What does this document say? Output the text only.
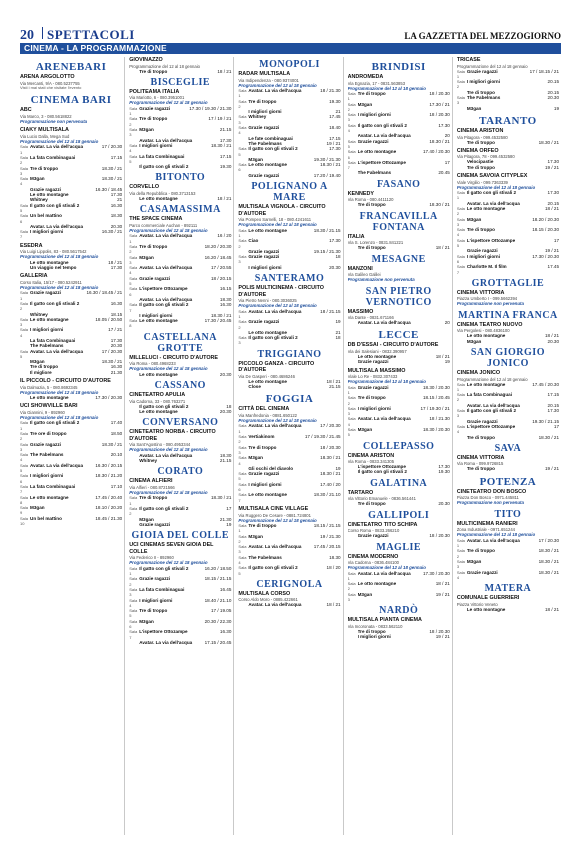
20 SPETTACOLI	LA GAZZETTA DEL MEZZOGIORNO
CINEMA - LA PROGRAMMAZIONE
ARENEBARI
ARENA ARGOLOTTO
Via Mercanti, 9/A - 080.5237755
Visti i mai stati che visitate l'evento
CINEMA BARI
ABC
Via Marco, 3 - 080.5618822
Programmazione non pervenuta
CIAKY MULTISALA
Via Lucio Dalla, Mega Sud
Programmazione del 12 al 18 gennaio
Sala 1
Avatar. La via dell'acqua	17 / 20.30
Sala 2
La fata Combinaguai	17.15
Sala 3
Tre di troppo	18.30 / 21
Sala 4
M3gan	18.30 / 21
Grazie ragazzi	16.30 / 18.45
Le otto montagne	17.30
Whitney	21
Sala 5
Il gatto con gli stivali 2	16.30
Sala 6
Un bel mattino	18.30
Avatar. La via dell'acqua	20.30
Sala 7
I migliori giorni	16.30 / 21
ESEDRA
Via Luigi Lippolis, 83 - 080.5617542
Programmazione del 12 al 18 gennaio
Le otto montagne	18 / 21
Un viaggio nel tempo	17.30
GALLERIA
Corso Italia, 15/17 - 080.5242911
Programmazione del 12 al 18 gennaio
Sala 1
Grazie ragazzi	16.30 / 18.45 / 21
Sala 2
Il gatto con gli stivali 2	16.30
Whitney	18.15
Sala 3
Le otto montagne	18.05 / 20.50
Sala 4
I migliori giorni	17 / 21
La fata Combinaguai	17.30
The Fabelmans	20.30
Sala 5
Avatar. La via dell'acqua	17 / 20.30
M3gan	18.30 / 21
Tre di troppo	16.30
Il migliore	21.30
IL PICCOLO - CIRCUITO D'AUTORE
Via Dalmazia, 5 - 080.8692345
Programmazione del 12 al 18 gennaio
Le otto montagne	17.30 / 20.30
UCI SHOWVILLE BARI
Via Giannini, 9 - 892960
Programmazione del 12 al 18 gennaio
Sala 1
Il gatto con gli stivali 2	17.40
Sala 2
Tre ore di troppo	18.50
Sala 3
Grazie ragazzi	18.30 / 21
Sala 4
The Fabelmans	20.10
Sala 5
Avatar. La via dell'acqua	16.30 / 20.15
Sala 6
I migliori giorni	18.30 / 21.20
Sala 7
La fata Combinaguai	17.10
Sala 8
Le otto montagne	17.45 / 20.40
Sala 9
M3gan	18.10 / 20.20
Sala 10
Un bel mattino	18.45 / 21.30
GIOVINAZZO
Programmazione del 12 al 18 gennaio
Tre di troppo	18 / 21
BISCEGLIE
POLITEAMA ITALIA
Via Mariotto, 6 - 080.3951001
Programmazione del 12 al 18 gennaio
Sala 1
Grazie ragazzi	17.30 / 19.30 / 21.30
Sala 2
Tre di troppo	17 / 19 / 21
Sala 3
M3gan	21.15
Avatar. La via dell'acqua	17.30
Sala 4
I migliori giorni	18.30 / 21
Sala 5
La fata Combinaguai	17.15
Il gatto con gli stivali 2	19.30
BITONTO
CORVELLO
Via della Repubblica - 080.3713153
Le otto montagne	18 / 21
CASAMASSIMA
THE SPACE CINEMA
Parco commerciale Auchan - 892111
Programmazione del 12 al 18 gennaio
Sala 1
Avatar. La via dell'acqua	16 / 20
Sala 2
Tre di troppo	18.20 / 20.30
Sala 3
M3gan	16.20 / 18.45
Sala 4
Avatar. La via dell'acqua	17 / 20.55
Sala 5
Grazie ragazzi	18 / 20.15
Sala 6
L'ispettore Ottozampe	16.15
Avatar. La via dell'acqua	18.30
Sala 7
Il gatto con gli stivali 2	16.30
I migliori giorni	18.30 / 21
Sala 8
Le otto montagne	17.30 / 20.45
CASTELLANA GROTTE
MILLELUCI - CIRCUITO D'AUTORE
Via Roma - 080.4968233
Programmazione del 12 al 18 gennaio
Le otto montagne	20.30
CASSANO
CINETEATRO APULIA
Via Cadorna, 33 - 080.763271
Il gatto con gli stivali 2	18
Le otto montagne	20.30
CONVERSANO
CINETEATRO NORBA - CIRCUITO D'AUTORE
Via Sant'Agostino - 080.4953344
Programmazione del 12 al 18 gennaio
Avatar. La via dell'acqua	18.30
Whitney	21.15
CORATO
CINEMA ALFIERI
Via Alfieri - 080.8721566
Programmazione del 12 al 18 gennaio
Sala 1
Tre di troppo	18.30 / 21
Sala 2
Il gatto con gli stivali 2	17
M3gan	21.30
Grazie ragazzi	19
GIOIA DEL COLLE
UCI CINEMAS SEVEN GIOIA DEL COLLE
Via Federico II - 892960
Programmazione del 12 al 18 gennaio
Sala 1
Il gatto con gli stivali 2	16.20 / 18.50
Sala 2
Grazie ragazzi	18.15 / 21.15
Sala 3
La fata Combinaguai	16.45
Sala 4
I migliori giorni	18.40 / 21.10
Sala 5
Tre di troppo	17 / 19.05
Sala 6
M3gan	20.30 / 22.30
Sala 7
L'ispettore Ottozampe	16.30
Avatar. La via dell'acqua	17.15 / 20.45
MONOPOLI
RADAR MULTISALA
Via Indipendenza - 080.9374001
Programmazione del 12 al 18 gennaio
Sala 1
Avatar. La via dell'acqua	18 / 21.30
Sala 2
Tre di troppo	19.30
I migliori giorni	21
Sala 3
Whitney	17.45
Sala 4
Grazie ragazzi	18.40
Le fate combinaguai	17.15
The Fabelmans	19 / 21
Sala 5
Il gatto con gli stivali 2	17.30
M3gan	19.30 / 21.30
Sala 6
Le otto montagne	18.30 / 21
Grazie ragazzi	17.20 / 19.40
POLIGNANO A MARE
MULTISALA VIGNOLA - CIRCUITO D'AUTORE
Via Pompeo Sarnelli, 18 - 080.4241611
Programmazione del 12 al 18 gennaio
Sala 1
Le otto montagne	18.30 / 21.15
Sala 2
Ciao	17.30
Grazie ragazzi	19.15 / 21.30
Sala 3
Grazie ragazzi	18
I migliori giorni	20.30
SANTERAMO
POLIS MULTICINEMA - CIRCUITO D'AUTORE
Via Pietro Nenni - 080.3036025
Programmazione del 12 al 18 gennaio
Sala 1
Avatar. La via dell'acqua	18 / 21.15
Sala 2
Grazie ragazzi	19
Le otto montagne	21
Sala 3
Il gatto con gli stivali 2	18
TRIGGIANO
PICCOLO GANZA - CIRCUITO D'AUTORE
Via De Gasperi - 080.4686246
Le otto montagne	18 / 21
Close	21.15
FOGGIA
CITTÀ DEL CINEMA
Via Manfredonia - 0881.650122
Programmazione del 12 al 18 gennaio
Sala 1
Avatar. La via dell'acqua	17 / 20.30
Sala 2
Vertiakinom	17 / 19.30 / 21.45
Sala 3
Tre di troppo	18 / 20.30
Sala 4
M3gan	18.30 / 21
Gli occhi del diavolo	19
Sala 5
Grazie ragazzi	18.30 / 21
Sala 6
I migliori giorni	17.40 / 20
Sala 7
Le otto montagne	18.30 / 21.10
MULTISALA CINE VILLAGE
Via Ruggero De Cesare - 0881.724801
Programmazione del 12 al 18 gennaio
Sala 1
Tre di troppo	18.15 / 21.15
Sala 2
M3gan	19 / 21.30
Sala 3
Avatar. La via dell'acqua	17.45 / 20.15
Sala 4
The Fabelmans	18.30
Sala 5
Il gatto con gli stivali 2	18 / 20
CERIGNOLA
MULTISALA CORSO
Corso Aldo Moro - 0885.422661
Avatar. La via dell'acqua	18 / 21
BRINDISI
ANDROMEDA
Via Egnazia, 17 - 0831.563853
Programmazione del 12 al 18 gennaio
Sala 1
Tre di troppo	18 / 20.30
Sala 2
M3gan	17.30 / 21
Sala 3
I migliori giorni	18 / 20.30
Sala 4
Il gatto con gli stivali 2	17.30
Avatar. La via dell'acqua	20
Sala 5
Grazie ragazzi	18.30 / 21
Sala 6
Le otto montagne	17.40 / 20.30
Sala 7
L'ispettore Ottozampe	17
The Fabelmans	20.45
FASANO
KENNEDY
Via Roma - 080.4411120
Tre di troppo	18.30 / 21
FRANCAVILLA FONTANA
ITALIA
Via S. Lorenzo - 0831.841221
Tre di troppo	18 / 21
MESAGNE
MANZONI
Via Galileo Galilei
Programmazione non pervenuta
SAN PIETRO VERNOTICO
MASSIMO
Via Dante - 0831.671166
Avatar. La via dell'acqua	20
LECCE
DB D'ESSAI - CIRCUITO D'AUTORE
Via dei Salesiani - 0832.390957
Le otto montagne	18 / 21
Grazie ragazzi	19
MULTISALA MASSIMO
Viale Lo Re - 0832.307433
Programmazione del 12 al 18 gennaio
Sala 1
Grazie ragazzi	18.30 / 20.30
Sala 2
Tre di troppo	18.15 / 20.45
Sala 3
I migliori giorni	17 / 19.30 / 21
Sala 4
Avatar. La via dell'acqua	18 / 21.30
Sala 5
M3gan	18.30 / 20.30
COLLEPASSO
CINEMA ARISTON
Via Roma - 0833.341305
L'ispettore Ottozampe	17.30
Il gatto con gli stivali 2	19.30
GALATINA
TARTARO
Via Vittorio Emanuele - 0836.561441
Tre di troppo	20.30
GALLIPOLI
CINETEATRO TITO SCHIPA
Corso Roma - 0833.266210
Grazie ragazzi	18 / 20.30
MAGLIE
CINEMA MODERNO
Via Cadorna - 0836.484100
Programmazione del 12 al 18 gennaio
Sala 1
Avatar. La via dell'acqua	17.30 / 20.30
Sala 2
Le otto montagne	18 / 21
Sala 3
M3gan	19 / 21
NARDÒ
MULTISALA PIANTA CINEMA
Via Incoronata - 0833.562110
Tre di troppo	18 / 20.30
I migliori giorni	19 / 21
TRICASE
Programmazione del 12 al 18 gennaio
Sala 1
Grazie ragazzi	17 / 18.15 / 21
Sala 2
I migliori giorni	20.15
Tre di troppo	20.15
Sala 3
The Fabelmans	20.30
M3gan	19
TARANTO
CINEMA ARISTON
Via Pitagora - 099.4532580
Tre di troppo	18.30 / 21
CINEMA ORFEO
Via Pitagora, 78 - 099.4532580
Velocipastie	17.30
Tre di troppo	19 / 21
CINEMA SAVOIA CITYPLEX
Viale Virgilio - 099.7363339
Programmazione del 12 al 18 gennaio
Sala 1
Il gatto con gli stivali 2	17.30
Avatar. La via dell'acqua	20.15
Sala 2
Le otto montagne	18 / 21
Sala 3
M3gan	18.20 / 20.30
Sala 4
Tre di troppo	18.15 / 20.30
Sala 5
L'ispettore Ottozampe	17
Grazie ragazzi	19 / 21
Sala 6
I migliori giorni	17.30 / 20.30
Sala 7
Charlotte M. Il film	17.45
GROTTAGLIE
CINEMA VITTORIA
Piazza Umberto I - 099.5662394
Programmazione non pervenuta
MARTINA FRANCA
CINEMA TEATRO NUOVO
Via Pergolesi - 080.4836100
Le otto montagne	18 / 21
M3gan	20.30
SAN GIORGIO JONICO
CINEMA JONICO
Programmazione del 12 al 18 gennaio
Sala 1
Le otto montagne	17.45 / 20.30
Sala 2
La fata Combinaguai	17.15
Avatar. La via dell'acqua	20.15
Sala 3
Il gatto con gli stivali 2	17.30
Grazie ragazzi	19.30 / 21.15
Sala 4
L'ispettore Ottozampe	17
Tre di troppo	18.30 / 21
SAVA
CINEMA VITTORIA
Via Roma - 099.9726815
Tre di troppo	19 / 21
POTENZA
CINETEATRO DON BOSCO
Piazza Don Bosco - 0971.445811
Programmazione non pervenuta
TITO
MULTICINEMA RANIERI
Zona Industriale - 0971.651244
Programmazione del 12 al 18 gennaio
Sala 1
Avatar. La via dell'acqua	17 / 20.30
Sala 2
Tre di troppo	18.30 / 21
Sala 3
M3gan	18.30 / 21
Sala 4
Grazie ragazzi	18.30 / 21
MATERA
COMUNALE GUERRIERI
Piazza Vittorio Veneto
Le otto montagne	18 / 21
